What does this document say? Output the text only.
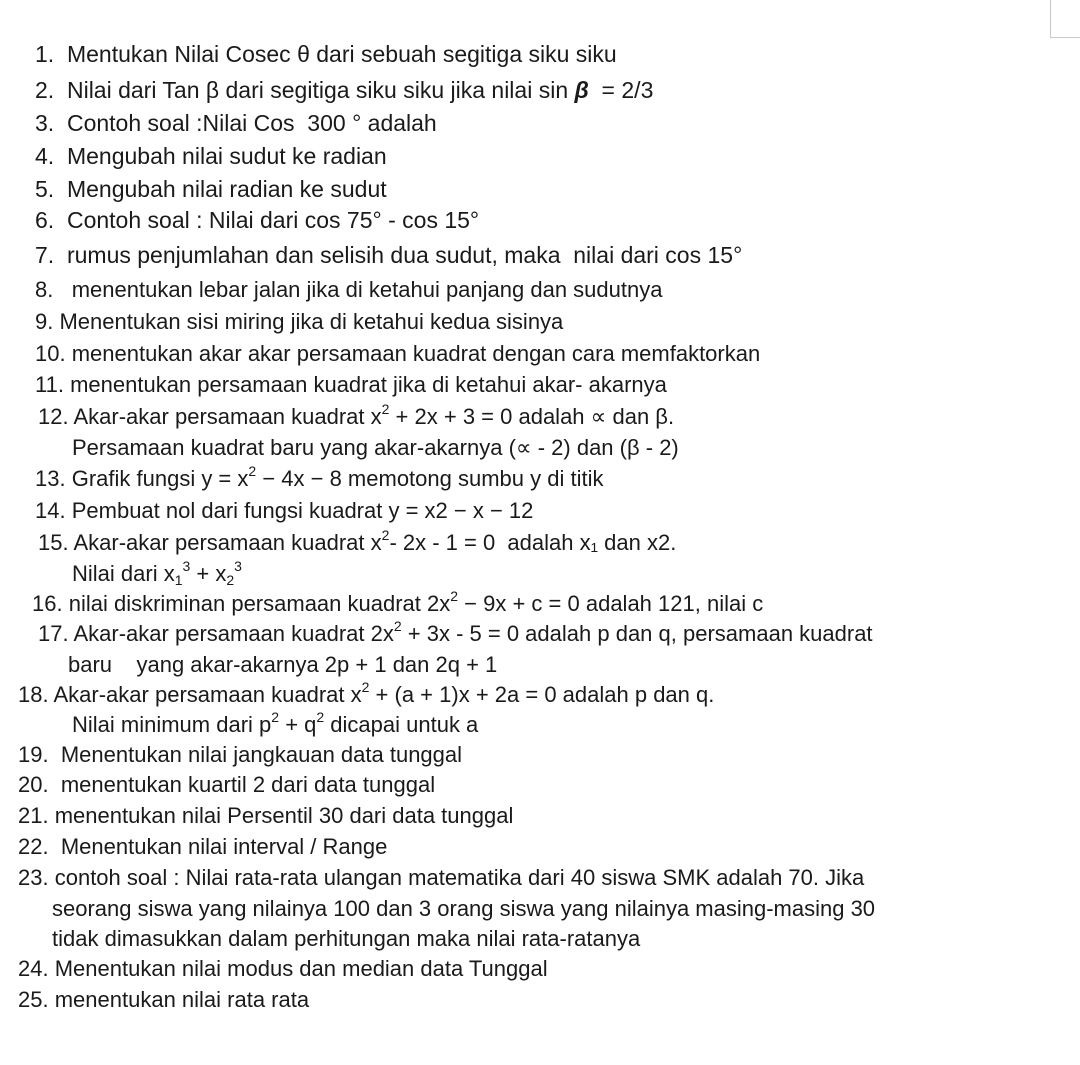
1. Mentukan Nilai Cosec θ dari sebuah segitiga siku siku
2. Nilai dari Tan β dari segitiga siku siku jika nilai sin β  = 2/3
3. Contoh soal :Nilai Cos  300 ° adalah
4. Mengubah nilai sudut ke radian
5. Mengubah nilai radian ke sudut
6. Contoh soal : Nilai dari cos 75° - cos 15°
7. rumus penjumlahan dan selisih dua sudut, maka  nilai dari cos 15°
8. menentukan lebar jalan jika di ketahui panjang dan sudutnya
9. Menentukan sisi miring jika di ketahui kedua sisinya
10. menentukan akar akar persamaan kuadrat dengan cara memfaktorkan
11. menentukan persamaan kuadrat jika di ketahui akar- akarnya
12. Akar-akar persamaan kuadrat $x^2 + 2x + 3 = 0$ adalah ∝ dan β.
Persamaan kuadrat baru yang akar-akarnya (∝ - 2) dan (β - 2)
13. Grafik fungsi $y = x^2 - 4x - 8$ memotong sumbu y di titik
14. Pembuat nol dari fungsi kuadrat y = x2 − x − 12
15. Akar-akar persamaan kuadrat $x^2-$ 2x - 1 = 0  adalah x₁ dan x2.
Nilai dari $x_1^3 + x_2^3$
16. nilai diskriminan persamaan kuadrat $2x^2 - 9x + c = 0$ adalah 121, nilai c
17. Akar-akar persamaan kuadrat $2x^2 + 3x - 5 = 0$ adalah p dan q, persamaan kuadrat
baru    yang akar-akarnya 2p + 1 dan 2q + 1
18. Akar-akar persamaan kuadrat $x^2 + (a + 1)x + 2a = 0$ adalah p dan q.
Nilai minimum dari $p^2 + q^2$ dicapai untuk a
19. Menentukan nilai jangkauan data tunggal
20. menentukan kuartil 2 dari data tunggal
21. menentukan nilai Persentil 30 dari data tunggal
22. Menentukan nilai interval / Range
23. contoh soal : Nilai rata-rata ulangan matematika dari 40 siswa SMK adalah 70. Jika
seorang siswa yang nilainya 100 dan 3 orang siswa yang nilainya masing-masing 30
tidak dimasukkan dalam perhitungan maka nilai rata-ratanya
24. Menentukan nilai modus dan median data Tunggal
25. menentukan nilai rata rata
